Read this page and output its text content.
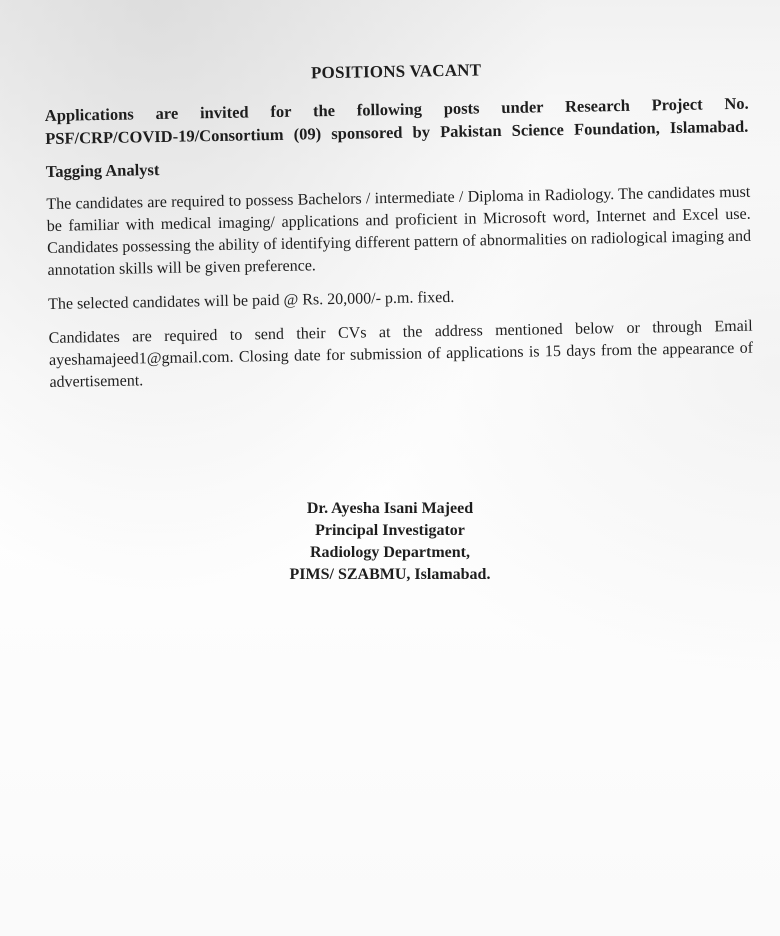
POSITIONS VACANT

Applications are invited for the following posts under Research Project No. PSF/CRP/COVID-19/Consortium (09) sponsored by Pakistan Science Foundation, Islamabad.

Tagging Analyst

The candidates are required to possess Bachelors / intermediate / Diploma in Radiology. The candidates must be familiar with medical imaging/ applications and proficient in Microsoft word, Internet and Excel use. Candidates possessing the ability of identifying different pattern of abnormalities on radiological imaging and annotation skills will be given preference.

The selected candidates will be paid @ Rs. 20,000/- p.m. fixed.

Candidates are required to send their CVs at the address mentioned below or through Email ayeshamajeed1@gmail.com. Closing date for submission of applications is 15 days from the appearance of advertisement.

Dr. Ayesha Isani Majeed
Principal Investigator
Radiology Department,
PIMS/ SZABMU, Islamabad.
